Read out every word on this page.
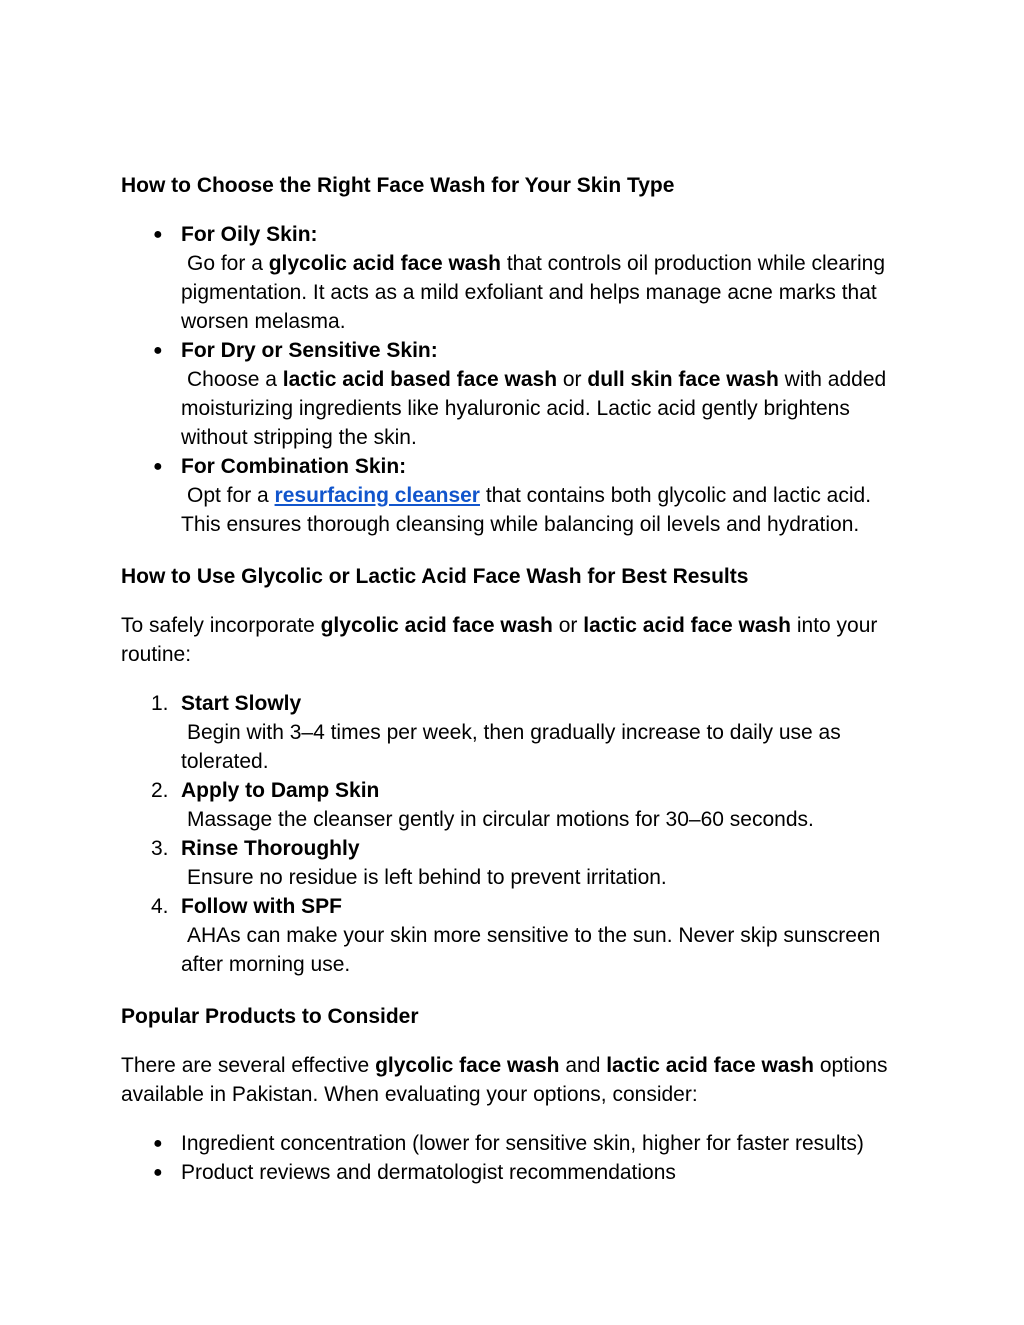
How to Choose the Right Face Wash for Your Skin Type
● For Oily Skin:
Go for a glycolic acid face wash that controls oil production while clearing pigmentation. It acts as a mild exfoliant and helps manage acne marks that worsen melasma.
● For Dry or Sensitive Skin:
Choose a lactic acid based face wash or dull skin face wash with added moisturizing ingredients like hyaluronic acid. Lactic acid gently brightens without stripping the skin.
● For Combination Skin:
Opt for a resurfacing cleanser that contains both glycolic and lactic acid. This ensures thorough cleansing while balancing oil levels and hydration.
How to Use Glycolic or Lactic Acid Face Wash for Best Results

To safely incorporate glycolic acid face wash or lactic acid face wash into your routine:

1. Start Slowly
Begin with 3–4 times per week, then gradually increase to daily use as tolerated.
2. Apply to Damp Skin
Massage the cleanser gently in circular motions for 30–60 seconds.
3. Rinse Thoroughly
Ensure no residue is left behind to prevent irritation.
4. Follow with SPF
AHAs can make your skin more sensitive to the sun. Never skip sunscreen after morning use.
Popular Products to Consider

There are several effective glycolic face wash and lactic acid face wash options available in Pakistan. When evaluating your options, consider:

● Ingredient concentration (lower for sensitive skin, higher for faster results)
● Product reviews and dermatologist recommendations
